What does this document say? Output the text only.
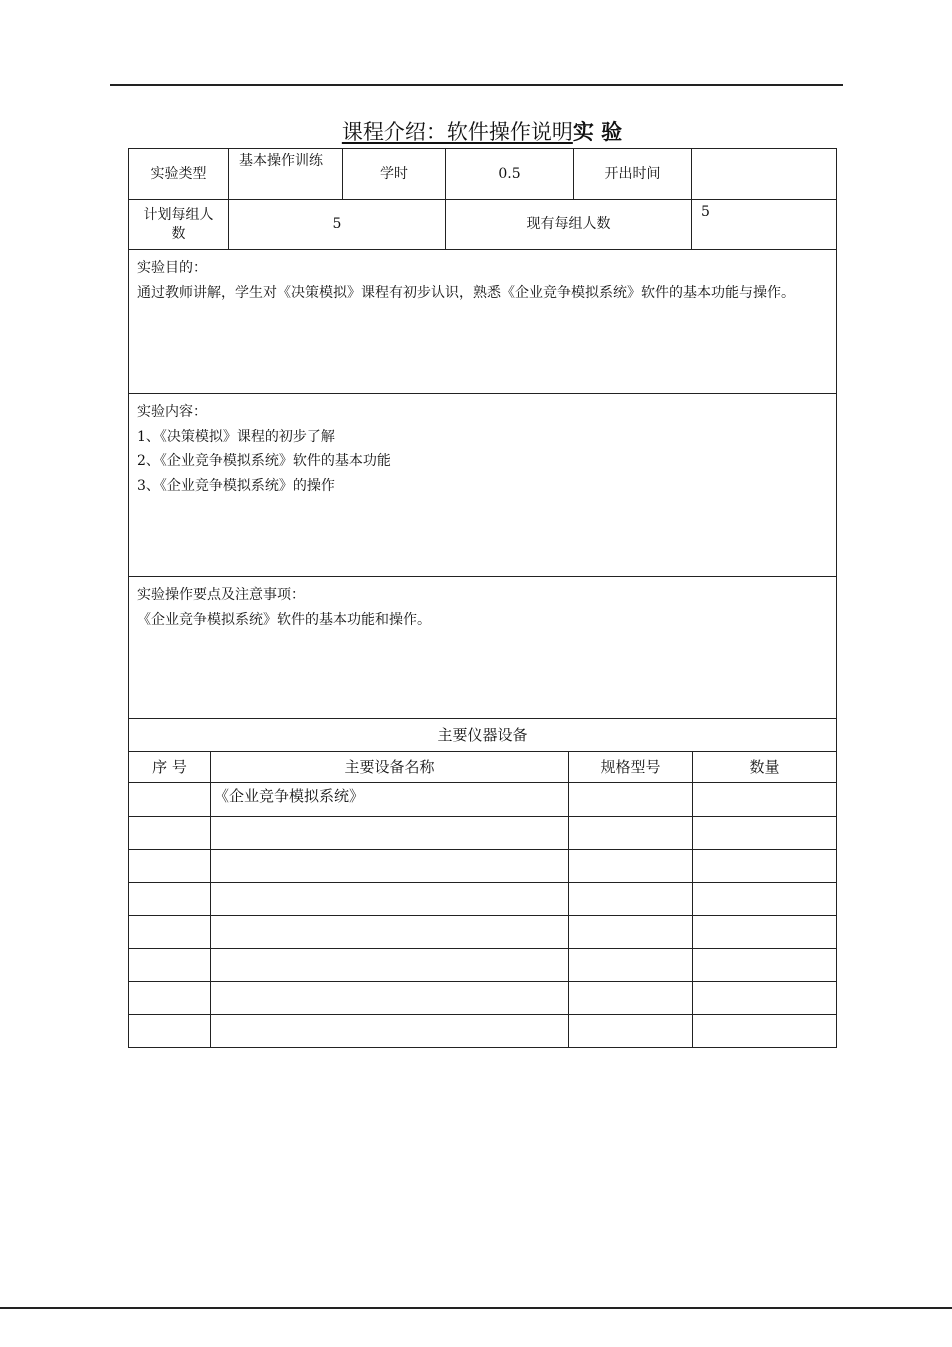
课程介绍：软件操作说明实 验
实验类型	基本操作训练	学时	0.5	开出时间	
计划每组人数	5		现有每组人数		5

实验目的：
通过教师讲解，学生对《决策模拟》课程有初步认识，熟悉《企业竞争模拟系统》软件的基本功能与操作。					

实验内容：
1、《决策模拟》课程的初步了解
2、《企业竞争模拟系统》软件的基本功能
3、《企业竞争模拟系统》的操作					

实验操作要点及注意事项：
《企业竞争模拟系统》软件的基本功能和操作。					
主要仪器设备			
序 号	主要设备名称	规格型号	数量
	《企业竞争模拟系统》		
